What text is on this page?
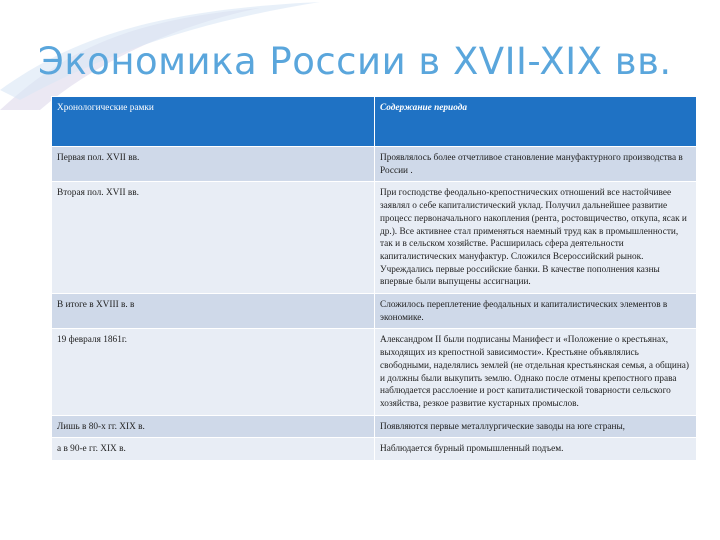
Экономика России в XVII-XIX вв.
Хронологические рамки	Содержание периода
Первая пол. XVII вв.	Проявлялось более отчетливое становление мануфактурного производства в России .
Вторая пол. XVII вв.	При господстве феодально-крепостнических отношений все настойчивее заявлял о себе капиталистический уклад. Получил дальнейшее развитие процесс первоначального накопления (рента, ростовщичество, откупа, ясак и др.). Все активнее стал применяться наемный труд как в промышленности, так и в сельском хозяйстве. Расширилась сфера деятельности капиталистических мануфактур. Сложился Всероссийский рынок. Учреждались первые российские банки. В качестве пополнения казны впервые были выпущены ассигнации.
В итоге в XVIII в. в	Сложилось переплетение феодальных и капиталистических элементов в экономике.
19 февраля 1861г.	Александром II были подписаны Манифест и «Положение о крестьянах, выходящих из крепостной зависимости». Крестьяне объявлялись свободными, наделялись землей (не отдельная крестьянская семья, а община) и должны были выкупить землю. Однако после отмены крепостного права наблюдается расслоение и рост капиталистической товарности сельского хозяйства, резкое развитие кустарных промыслов.
Лишь в 80-х гг. XIX в.	Появляются первые металлургические заводы на юге страны,
а в 90-е гг. XIX в.	Наблюдается бурный промышленный подъем.
